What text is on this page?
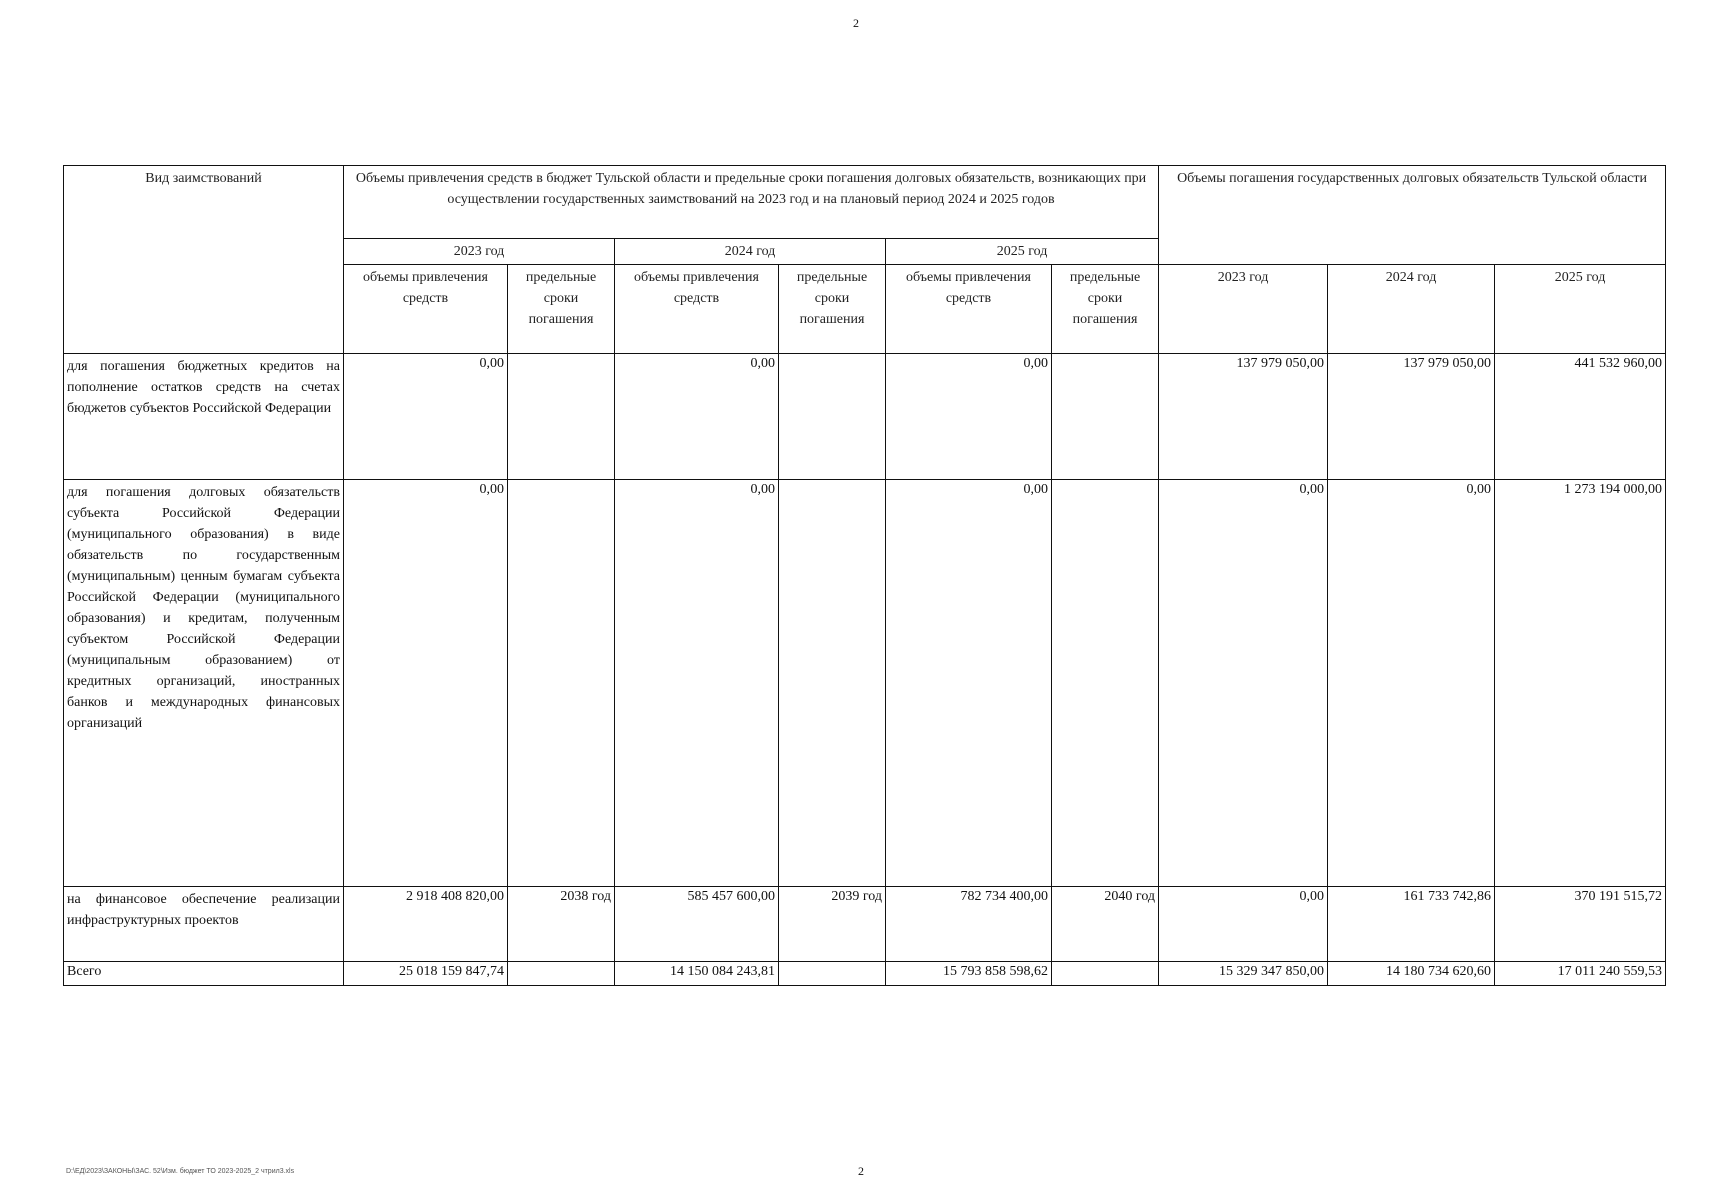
2
Вид заимствований	Объемы привлечения средств в бюджет Тульской области и предельные сроки погашения долговых обязательств, возникающих при осуществлении государственных заимствований на 2023 год и на плановый период 2024 и 2025 годов						Объемы погашения государственных долговых обязательств Тульской области		
	2023 год		2024 год		2025 год				
	объемы привлечения средств	предельные сроки погашения	объемы привлечения средств	предельные сроки погашения	объемы привлечения средств	предельные сроки погашения	2023 год	2024 год	2025 год
для погашения бюджетных кредитов на пополнение остатков средств на счетах бюджетов субъектов Российской Федерации	0,00		0,00		0,00		137 979 050,00	137 979 050,00	441 532 960,00
для погашения долговых обязательств субъекта Российской Федерации (муниципального образования) в виде обязательств по государственным (муниципальным) ценным бумагам субъекта Российской Федерации (муниципального образования) и кредитам, полученным субъектом Российской Федерации (муниципальным образованием) от кредитных организаций, иностранных банков и международных финансовых организаций	0,00		0,00		0,00		0,00	0,00	1 273 194 000,00
на финансовое обеспечение реализации инфраструктурных проектов	2 918 408 820,00	2038 год	585 457 600,00	2039 год	782 734 400,00	2040 год	0,00	161 733 742,86	370 191 515,72
Всего	25 018 159 847,74		14 150 084 243,81		15 793 858 598,62		15 329 347 850,00	14 180 734 620,60	17 011 240 559,53
D:\ЕД\2023\ЗАКОНЫ\ЗАС. 52\Изм. бюджет ТО 2023-2025_2 чтрил3.xls	2
